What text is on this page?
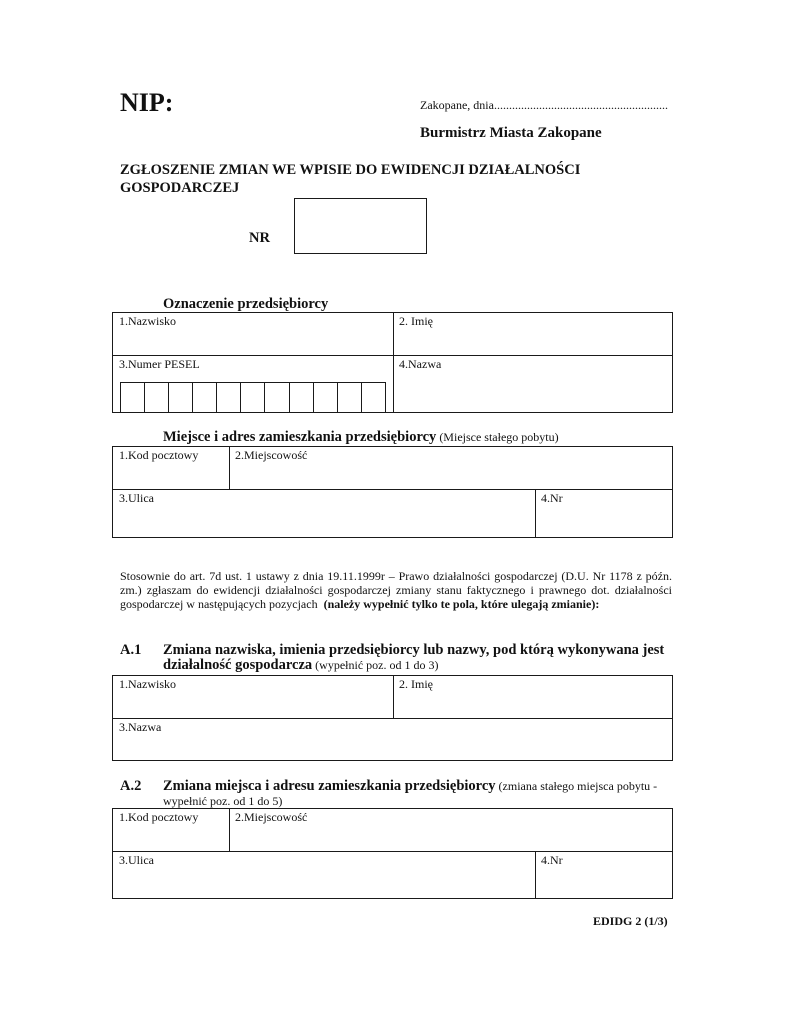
NIP:	Zakopane, dnia..........................................................
Burmistrz Miasta Zakopane
ZGŁOSZENIE ZMIAN WE WPISIE DO EWIDENCJI DZIAŁALNOŚCI
GOSPODARCZEJ
NR
Oznaczenie przedsiębiorcy
1.Nazwisko	2. Imię
3.Numer PESEL	4.Nazwa
Miejsce i adres zamieszkania przedsiębiorcy (Miejsce stałego pobytu)
1.Kod pocztowy	2.Miejscowość
3.Ulica	4.Nr
Stosownie do art. 7d ust. 1 ustawy z dnia 19.11.1999r – Prawo działalności gospodarczej (D.U. Nr 1178 z późn.
zm.) zgłaszam do ewidencji działalności gospodarczej zmiany stanu faktycznego i prawnego dot. działalności
gospodarczej w następujących pozycjach (należy wypełnić tylko te pola, które ulegają zmianie):
A.1 Zmiana nazwiska, imienia przedsiębiorcy lub nazwy, pod którą wykonywana jest
działalność gospodarcza (wypełnić poz. od 1 do 3)
1.Nazwisko	2. Imię
3.Nazwa
A.2 Zmiana miejsca i adresu zamieszkania przedsiębiorcy (zmiana stałego miejsca pobytu -
wypełnić poz. od 1 do 5)
1.Kod pocztowy	2.Miejscowość
3.Ulica	4.Nr
EDIDG 2 (1/3)
